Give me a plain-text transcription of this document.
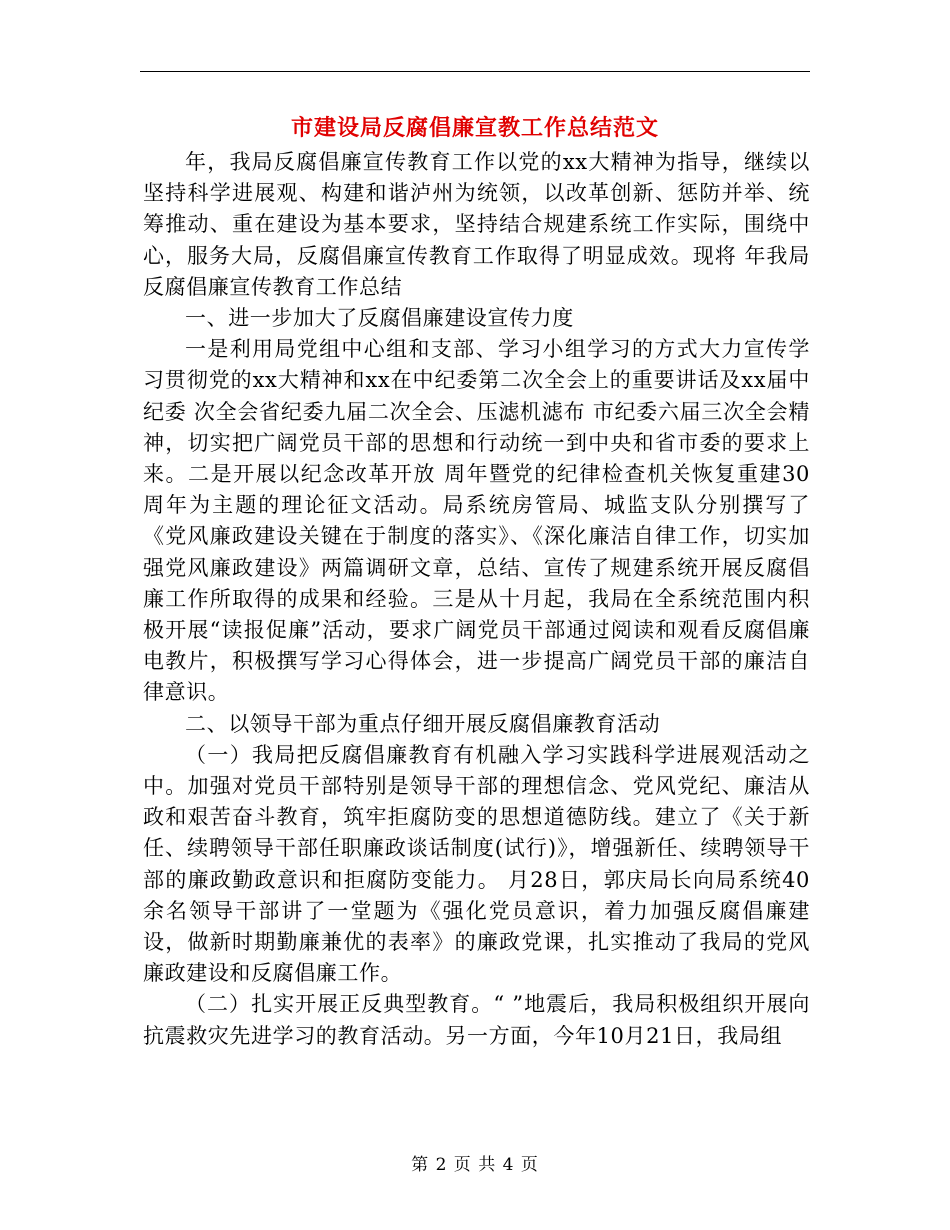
市建设局反腐倡廉宣教工作总结范文

年，我局反腐倡廉宣传教育工作以党的xx大精神为指导，继续以坚持科学进展观、构建和谐泸州为统领，以改革创新、惩防并举、统筹推动、重在建设为基本要求，坚持结合规建系统工作实际，围绕中心，服务大局，反腐倡廉宣传教育工作取得了明显成效。现将 年我局反腐倡廉宣传教育工作总结

一、进一步加大了反腐倡廉建设宣传力度

一是利用局党组中心组和支部、学习小组学习的方式大力宣传学习贯彻党的xx大精神和xx在中纪委第二次全会上的重要讲话及xx届中纪委 次全会省纪委九届二次全会、压滤机滤布 市纪委六届三次全会精神，切实把广阔党员干部的思想和行动统一到中央和省市委的要求上来。二是开展以纪念改革开放 周年暨党的纪律检查机关恢复重建30 周年为主题的理论征文活动。局系统房管局、城监支队分别撰写了《党风廉政建设关键在于制度的落实》、《深化廉洁自律工作，切实加强党风廉政建设》两篇调研文章，总结、宣传了规建系统开展反腐倡廉工作所取得的成果和经验。三是从十月起，我局在全系统范围内积极开展“读报促廉”活动，要求广阔党员干部通过阅读和观看反腐倡廉电教片，积极撰写学习心得体会，进一步提高广阔党员干部的廉洁自律意识。

二、以领导干部为重点仔细开展反腐倡廉教育活动

（一）我局把反腐倡廉教育有机融入学习实践科学进展观活动之中。加强对党员干部特别是领导干部的理想信念、党风党纪、廉洁从政和艰苦奋斗教育，筑牢拒腐防变的思想道德防线。建立了《关于新任、续聘领导干部任职廉政谈话制度(试行)》，增强新任、续聘领导干部的廉政勤政意识和拒腐防变能力。 月28日，郭庆局长向局系统40余名领导干部讲了一堂题为《强化党员意识，着力加强反腐倡廉建设，做新时期勤廉兼优的表率》的廉政党课，扎实推动了我局的党风廉政建设和反腐倡廉工作。

（二）扎实开展正反典型教育。“ ”地震后，我局积极组织开展向抗震救灾先进学习的教育活动。另一方面，今年10月21日，我局组

第 2 页 共 4 页
